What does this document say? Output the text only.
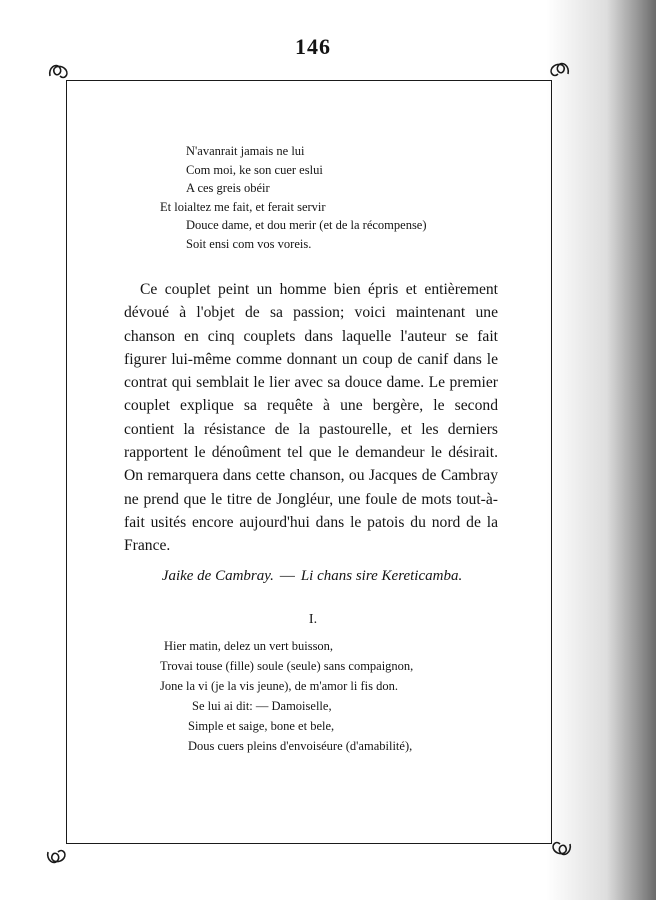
146
N'avanrait jamais ne lui
Com moi, ke son cuer eslui
A ces greis obéir
Et loialtez me fait, et ferait servir
Douce dame, et dou merir (et de la récompense)
Soit ensi com vos voreis.
Ce couplet peint un homme bien épris et entièrement dévoué à l'objet de sa passion; voici maintenant une chanson en cinq couplets dans laquelle l'auteur se fait figurer lui-même comme donnant un coup de canif dans le contrat qui semblait le lier avec sa douce dame. Le premier couplet explique sa requête à une bergère, le second contient la résistance de la pastourelle, et les derniers rapportent le dénoûment tel que le demandeur le désirait. On remarquera dans cette chanson, ou Jacques de Cambray ne prend que le titre de Jongléur, une foule de mots tout-à-fait usités encore aujourd'hui dans le patois du nord de la France.
Jaike de Cambray. — Li chans sire Kereticamba.
I.
Hier matin, delez un vert buisson,
Trovai touse (fille) soule (seule) sans compaignon,
Jone la vi (je la vis jeune), de m'amor li fis don.
Se lui ai dit: — Damoiselle,
Simple et saige, bone et bele,
Dous cuers pleins d'envoiséure (d'amabilité),
